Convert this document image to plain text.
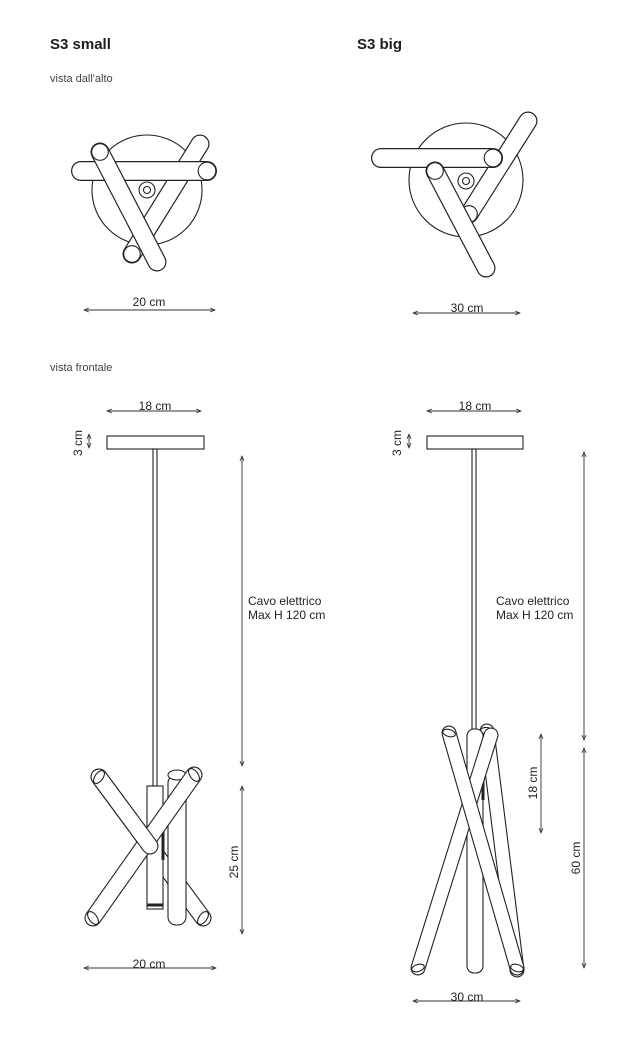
S3 small	S3 big
vista dall'alto
vista frontale
20 cm	30 cm
18 cm
3 cm
Cavo elettrico
Max H 120 cm
25 cm
20 cm
18 cm
3 cm
Cavo elettrico
Max H 120 cm
18 cm
60 cm
30 cm
